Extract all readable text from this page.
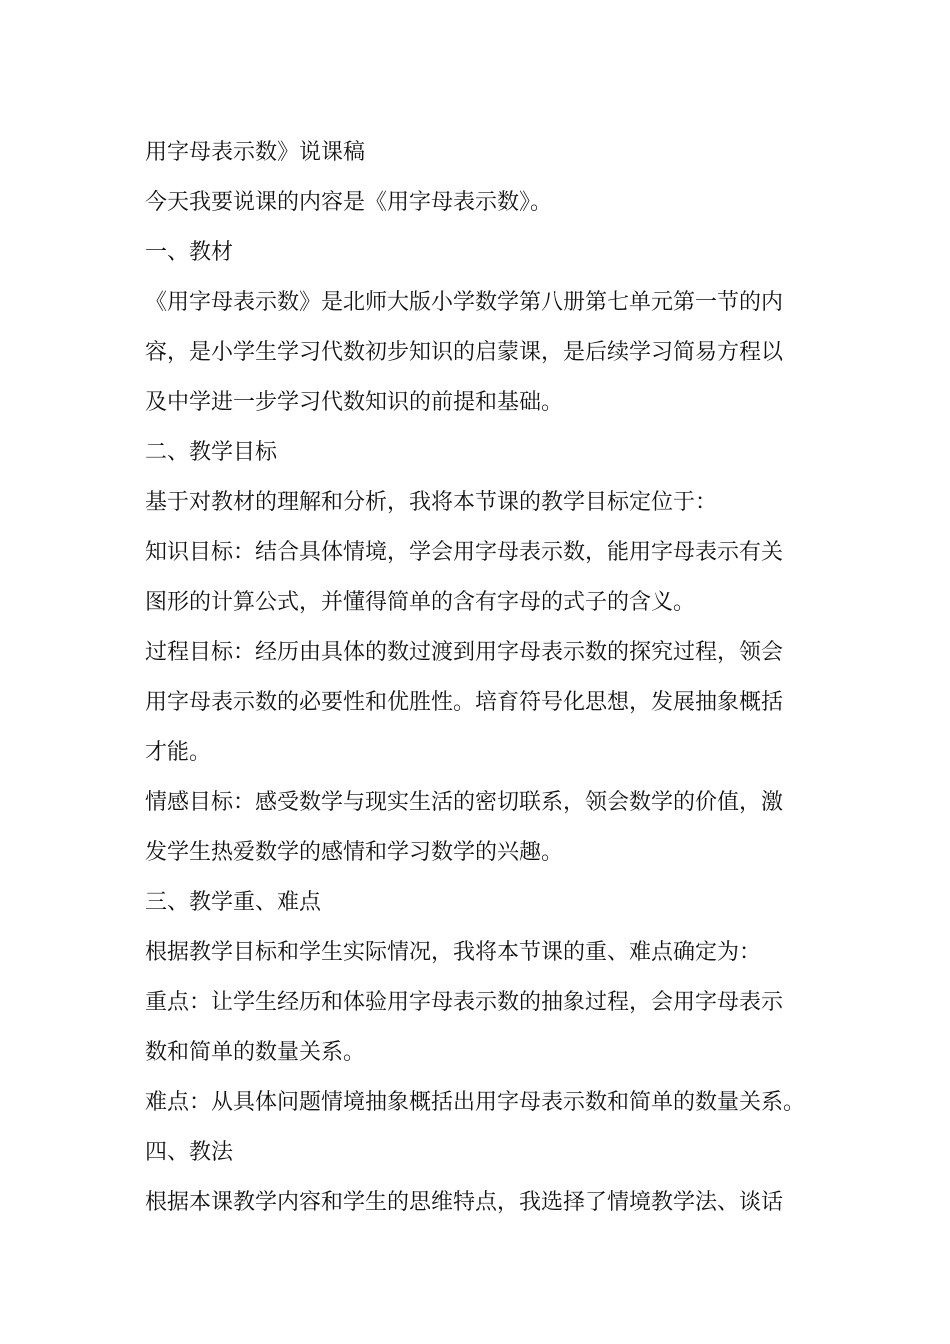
用字母表示数》说课稿
今天我要说课的内容是《用字母表示数》。
一、教材
《用字母表示数》是北师大版小学数学第八册第七单元第一节的内
容，是小学生学习代数初步知识的启蒙课，是后续学习简易方程以
及中学进一步学习代数知识的前提和基础。
二、教学目标
基于对教材的理解和分析，我将本节课的教学目标定位于：
知识目标：结合具体情境，学会用字母表示数，能用字母表示有关
图形的计算公式，并懂得简单的含有字母的式子的含义。
过程目标：经历由具体的数过渡到用字母表示数的探究过程，领会
用字母表示数的必要性和优胜性。培育符号化思想，发展抽象概括
才能。
情感目标：感受数学与现实生活的密切联系，领会数学的价值，激
发学生热爱数学的感情和学习数学的兴趣。
三、教学重、难点
根据教学目标和学生实际情况，我将本节课的重、难点确定为：
重点：让学生经历和体验用字母表示数的抽象过程，会用字母表示
数和简单的数量关系。
难点：从具体问题情境抽象概括出用字母表示数和简单的数量关系。
四、教法
根据本课教学内容和学生的思维特点，我选择了情境教学法、谈话
